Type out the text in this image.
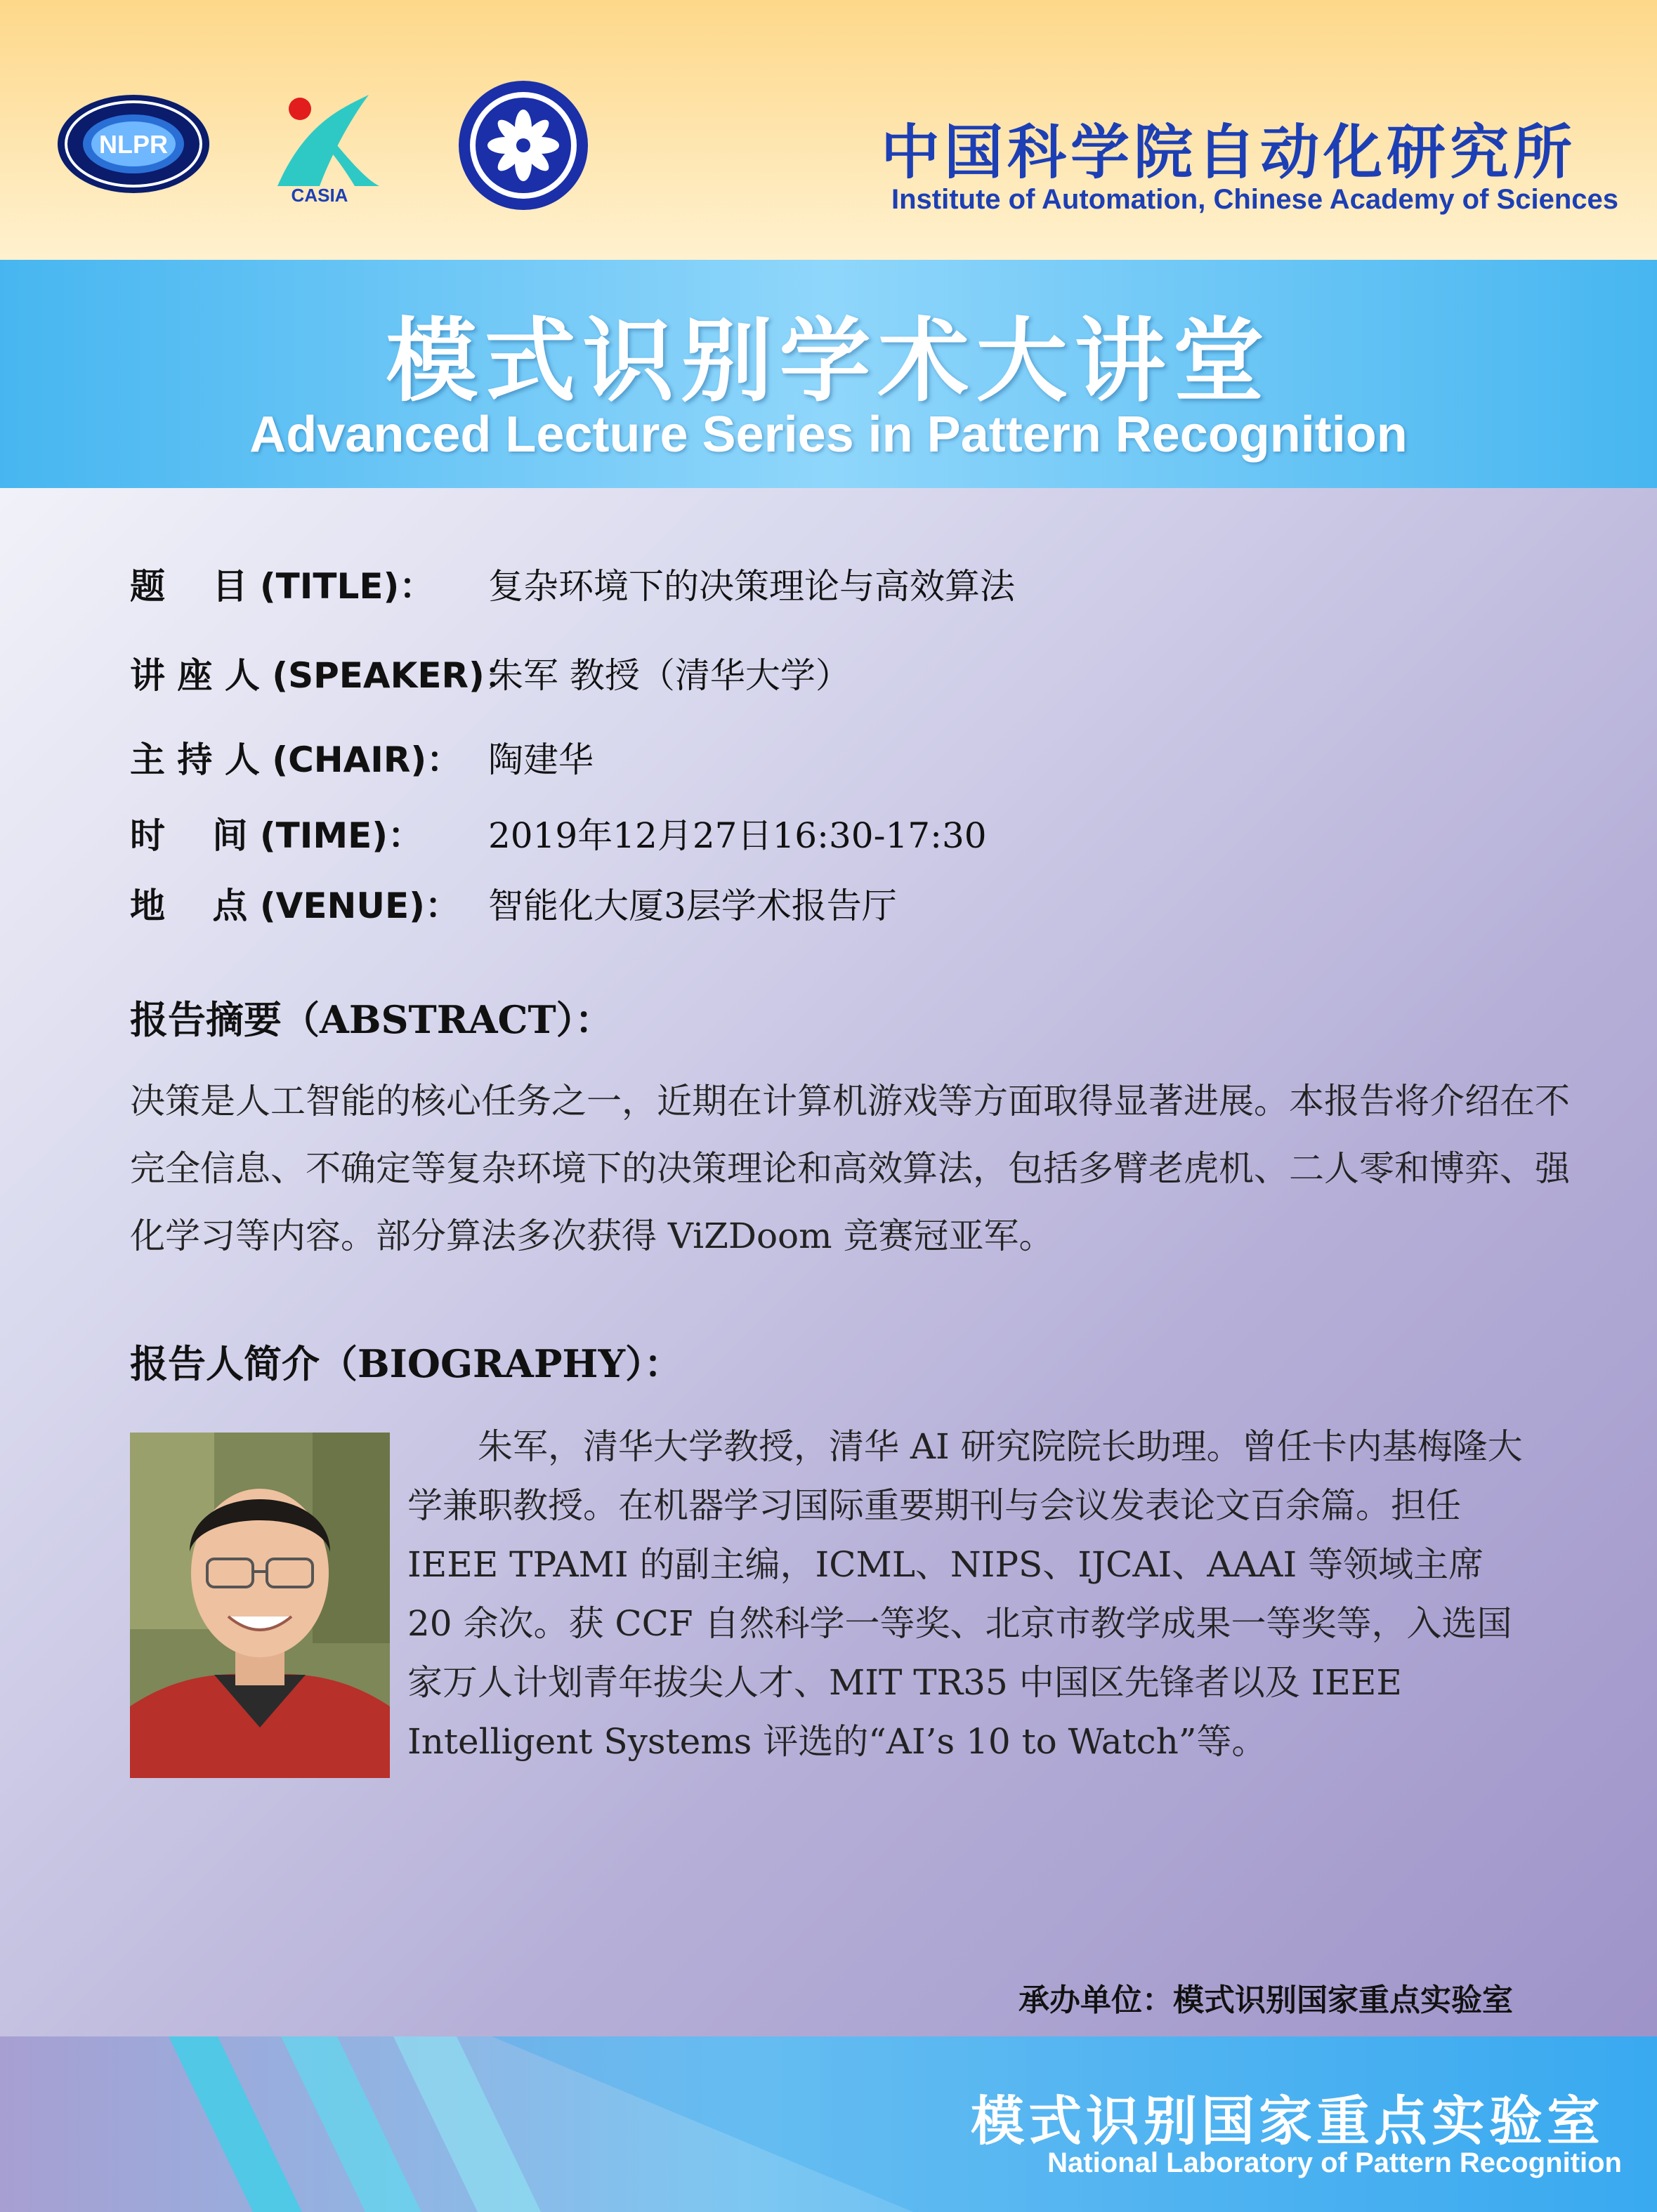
NLPR
CASIA
中国科学院自动化研究所
Institute of Automation, Chinese Academy of Sciences
模式识别学术大讲堂
Advanced Lecture Series in Pattern Recognition
题　 目 (TITLE)： 复杂环境下的决策理论与高效算法
讲 座 人 (SPEAKER)：朱军 教授（清华大学）
主 持 人 (CHAIR)： 陶建华
时　 间 (TIME)： 2019年12月27日16:30-17:30
地　 点 (VENUE)： 智能化大厦3层学术报告厅
报告摘要（ABSTRACT）：
决策是人工智能的核心任务之一，近期在计算机游戏等方面取得显著进展。本报告将介绍在不完全信息、不确定等复杂环境下的决策理论和高效算法，包括多臂老虎机、二人零和博弈、强化学习等内容。部分算法多次获得 ViZDoom 竞赛冠亚军。
报告人简介（BIOGRAPHY）：
朱军，清华大学教授，清华 AI 研究院院长助理。曾任卡内基梅隆大学兼职教授。在机器学习国际重要期刊与会议发表论文百余篇。担任 IEEE TPAMI 的副主编，ICML、NIPS、IJCAI、AAAI 等领域主席 20 余次。获 CCF 自然科学一等奖、北京市教学成果一等奖等，入选国家万人计划青年拔尖人才、MIT TR35 中国区先锋者以及 IEEE Intelligent Systems 评选的“AI’s 10 to Watch”等。
承办单位：模式识别国家重点实验室
模式识别国家重点实验室
National Laboratory of Pattern Recognition
